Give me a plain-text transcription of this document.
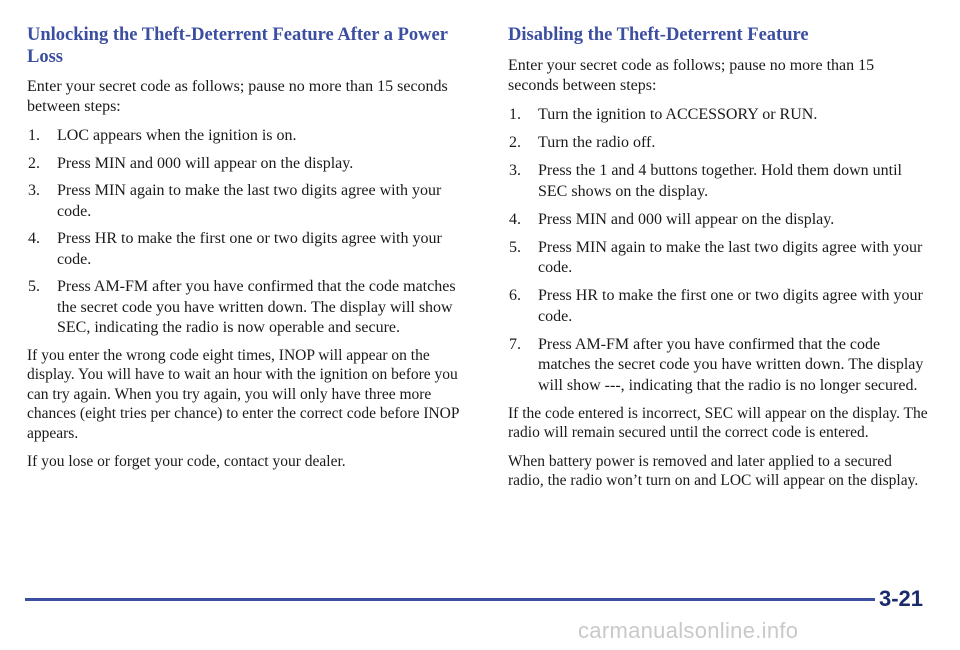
Unlocking the Theft-Deterrent Feature After a Power Loss

Enter your secret code as follows; pause no more than 15 seconds between steps:

1. LOC appears when the ignition is on.
2. Press MIN and 000 will appear on the display.
3. Press MIN again to make the last two digits agree with your code.
4. Press HR to make the first one or two digits agree with your code.
5. Press AM-FM after you have confirmed that the code matches the secret code you have written down. The display will show SEC, indicating the radio is now operable and secure.

If you enter the wrong code eight times, INOP will appear on the display. You will have to wait an hour with the ignition on before you can try again. When you try again, you will only have three more chances (eight tries per chance) to enter the correct code before INOP appears.

If you lose or forget your code, contact your dealer.

Disabling the Theft-Deterrent Feature

Enter your secret code as follows; pause no more than 15 seconds between steps:

1. Turn the ignition to ACCESSORY or RUN.
2. Turn the radio off.
3. Press the 1 and 4 buttons together. Hold them down until SEC shows on the display.
4. Press MIN and 000 will appear on the display.
5. Press MIN again to make the last two digits agree with your code.
6. Press HR to make the first one or two digits agree with your code.
7. Press AM-FM after you have confirmed that the code matches the secret code you have written down. The display will show ---, indicating that the radio is no longer secured.

If the code entered is incorrect, SEC will appear on the display. The radio will remain secured until the correct code is entered.

When battery power is removed and later applied to a secured radio, the radio won’t turn on and LOC will appear on the display.

3-21
carmanualsonline.info
